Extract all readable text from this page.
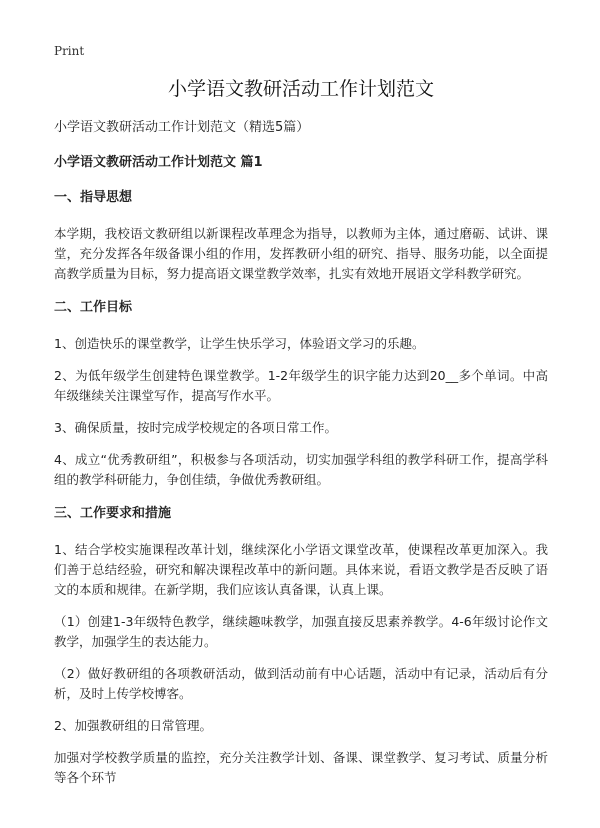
Print
小学语文教研活动工作计划范文

小学语文教研活动工作计划范文（精选5篇）

小学语文教研活动工作计划范文 篇1

一、指导思想

本学期，我校语文教研组以新课程改革理念为指导，以教师为主体，通过磨砺、试讲、课堂，充分发挥各年级备课小组的作用，发挥教研小组的研究、指导、服务功能，以全面提高教学质量为目标，努力提高语文课堂教学效率，扎实有效地开展语文学科教学研究。

二、工作目标

1、创造快乐的课堂教学，让学生快乐学习，体验语文学习的乐趣。

2、为低年级学生创建特色课堂教学。1-2年级学生的识字能力达到20__多个单词。中高年级继续关注课堂写作，提高写作水平。

3、确保质量，按时完成学校规定的各项日常工作。

4、成立“优秀教研组”，积极参与各项活动，切实加强学科组的教学科研工作，提高学科组的教学科研能力，争创佳绩，争做优秀教研组。

三、工作要求和措施

1、结合学校实施课程改革计划，继续深化小学语文课堂改革，使课程改革更加深入。我们善于总结经验，研究和解决课程改革中的新问题。具体来说，看语文教学是否反映了语文的本质和规律。在新学期，我们应该认真备课，认真上课。

（1）创建1-3年级特色教学，继续趣味教学，加强直接反思素养教学。4-6年级讨论作文教学，加强学生的表达能力。

（2）做好教研组的各项教研活动，做到活动前有中心话题，活动中有记录，活动后有分析，及时上传学校博客。

2、加强教研组的日常管理。

加强对学校教学质量的监控，充分关注教学计划、备课、课堂教学、复习考试、质量分析等各个环节
